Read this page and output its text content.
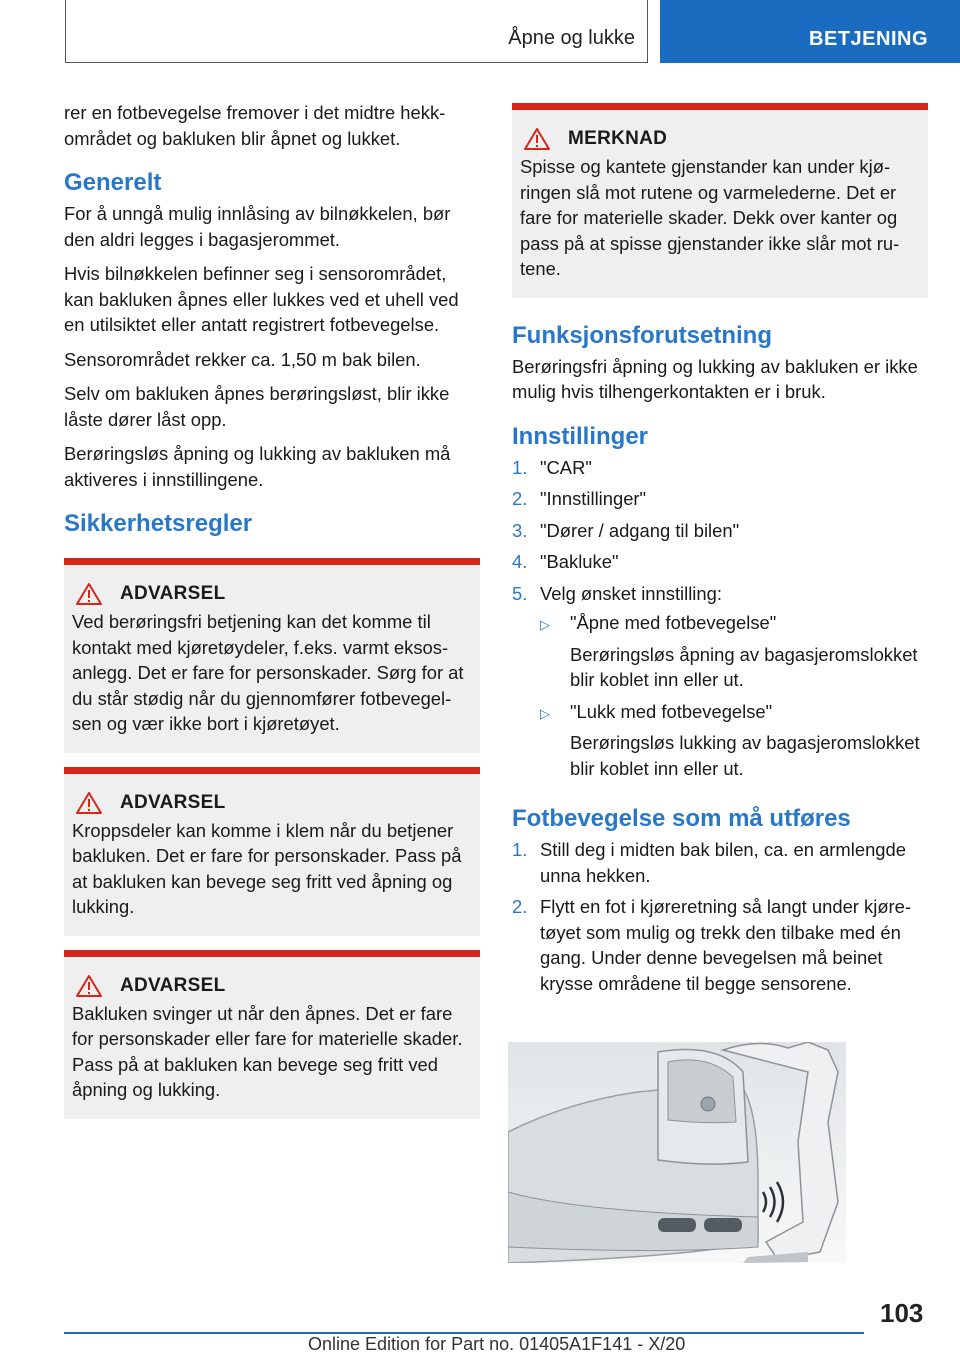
Åpne og lukke	BETJENING

rer en fotbevegelse fremover i det midtre hekkområdet og bakluken blir åpnet og lukket.

Generelt

For å unngå mulig innlåsing av bilnøkkelen, bør den aldri legges i bagasjerommet.

Hvis bilnøkkelen befinner seg i sensorområdet, kan bakluken åpnes eller lukkes ved et uhell ved en utilsiktet eller antatt registrert fotbevegelse.

Sensorområdet rekker ca. 1,50 m bak bilen.

Selv om bakluken åpnes berøringsløst, blir ikke låste dører låst opp.

Berøringsløs åpning og lukking av bakluken må aktiveres i innstillingene.

Sikkerhetsregler
ADVARSEL

Ved berøringsfri betjening kan det komme til kontakt med kjøretøydeler, f.eks. varmt eksosanlegg. Det er fare for personskader. Sørg for at du står stødig når du gjennomfører fotbevegelsen og vær ikke bort i kjøretøyet.

ADVARSEL

Kroppsdeler kan komme i klem når du betjener bakluken. Det er fare for personskader. Pass på at bakluken kan bevege seg fritt ved åpning og lukking.

ADVARSEL

Bakluken svinger ut når den åpnes. Det er fare for personskader eller fare for materielle skader. Pass på at bakluken kan bevege seg fritt ved åpning og lukking.

MERKNAD

Spisse og kantete gjenstander kan under kjøringen slå mot rutene og varmelederne. Det er fare for materielle skader. Dekk over kanter og pass på at spisse gjenstander ikke slår mot rutene.

Funksjonsforutsetning

Berøringsfri åpning og lukking av bakluken er ikke mulig hvis tilhengerkontakten er i bruk.

Innstillinger
1. "CAR"
2. "Innstillinger"
3. "Dører / adgang til bilen"
4. "Bakluke"
5. Velg ønsket innstilling:
▷	"Åpne med fotbevegelse"
Berøringsløs åpning av bagasjeromslokket blir koblet inn eller ut.
▷	"Lukk med fotbevegelse"
Berøringsløs lukking av bagasjeromslokket blir koblet inn eller ut.
Fotbevegelse som må utføres
1. Still deg i midten bak bilen, ca. en armlengde unna hekken.
2. Flytt en fot i kjøreretning så langt under kjøretøyet som mulig og trekk den tilbake med én gang. Under denne bevegelsen må beinet krysse områdene til begge sensorene.
103
Online Edition for Part no. 01405A1F141 - X/20
